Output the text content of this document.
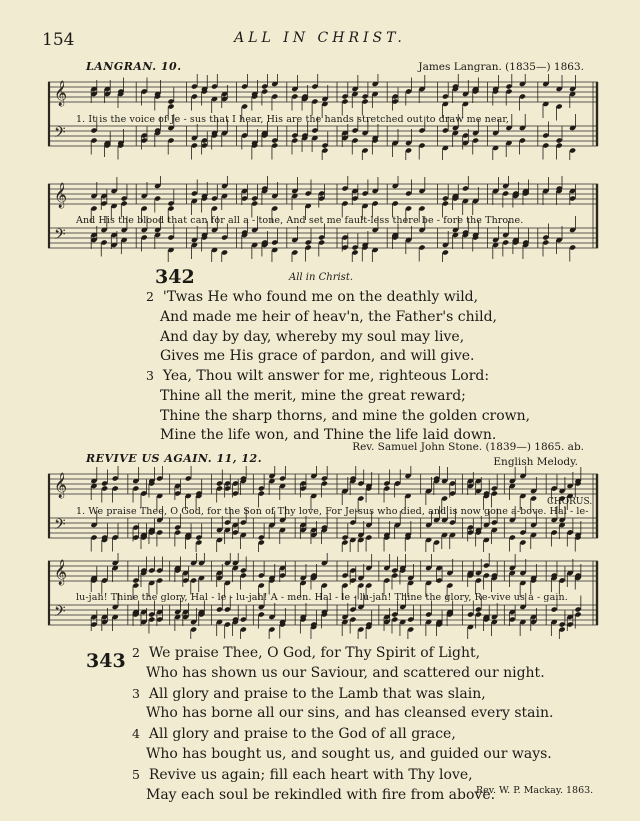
154	ALL IN CHRIST.
LANGRAN. 10.	James Langran. (1835—) 1863.
𝄞
𝄢
1. It is the voice of Je - sus that I hear, His are the hands stretched out to draw me near,
𝄞
𝄢
And His the blood that can for all a - tone, And set me fault-less there be - fore the Throne.
342	All in Christ.
2 'Twas He who found me on the deathly wild,
And made me heir of heav'n, the Father's child,
And day by day, whereby my soul may live,
Gives me His grace of pardon, and will give.
3 Yea, Thou wilt answer for me, righteous Lord:
Thine all the merit, mine the great reward;
Thine the sharp thorns, and mine the golden crown,
Mine the life won, and Thine the life laid down.
Rev. Samuel John Stone. (1839—) 1865. ab.
REVIVE US AGAIN. 11, 12.	English Melody.
𝄞
𝄢
CHORUS.
1. We praise Thee, O God, for the Son of Thy love, For Je-sus who died, and is now gone a-bove. Hal - le-
𝄞
𝄢
lu-jah! Thine the glory, Hal - le - lu-jah! A - men. Hal - le - lu-jah! Thine the glory, Re-vive us a - gain.
343 2 We praise Thee, O God, for Thy Spirit of Light,
Who has shown us our Saviour, and scattered our night.
3 All glory and praise to the Lamb that was slain,
Who has borne all our sins, and has cleansed every stain.
4 All glory and praise to the God of all grace,
Who has bought us, and sought us, and guided our ways.
5 Revive us again; fill each heart with Thy love,
May each soul be rekindled with fire from above.
Rev. W. P. Mackay. 1863.
